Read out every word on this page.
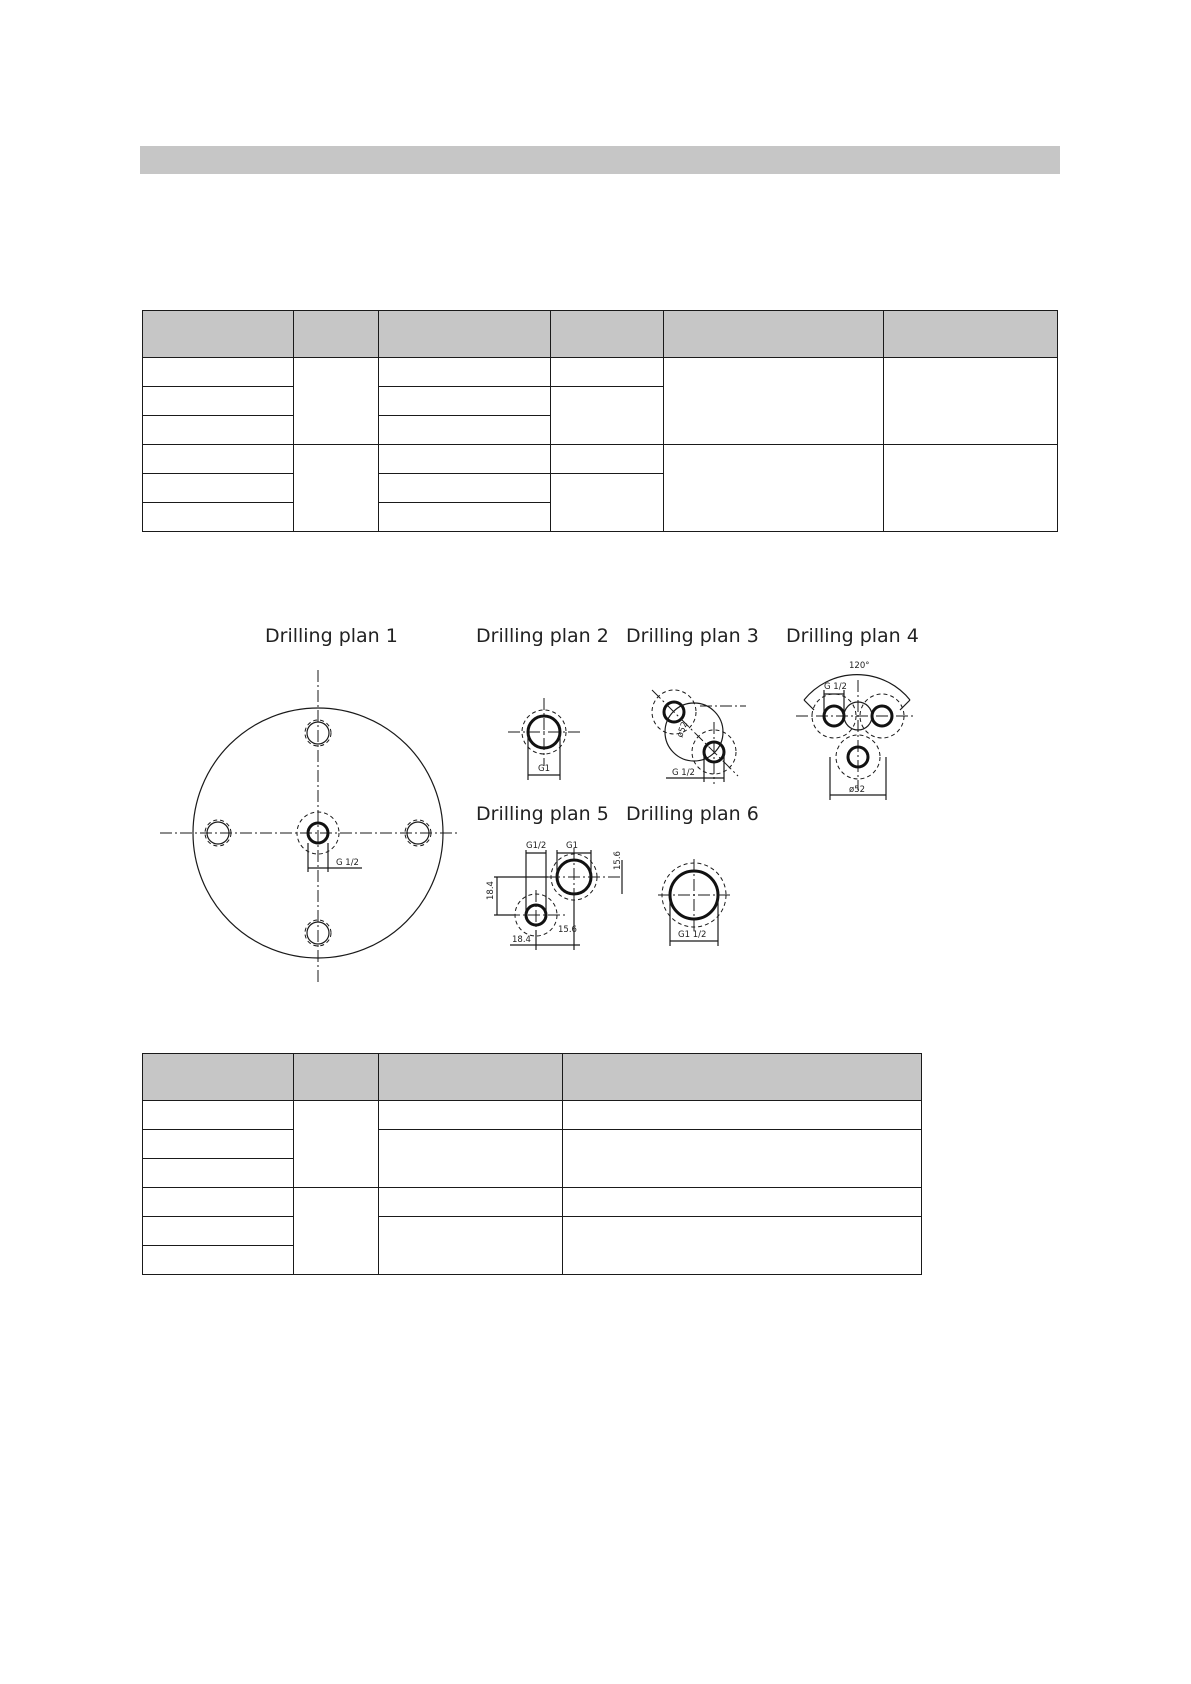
Drilling plan 1	Drilling plan 2 Drilling plan 3 Drilling plan 4
Drilling plan 5 Drilling plan 6
G 1/2
G1	G 1/2
ø52
120°
G 1/2
ø52
G1/2 G1
18.4
15.6
18.4
15.6	G1 1/2
